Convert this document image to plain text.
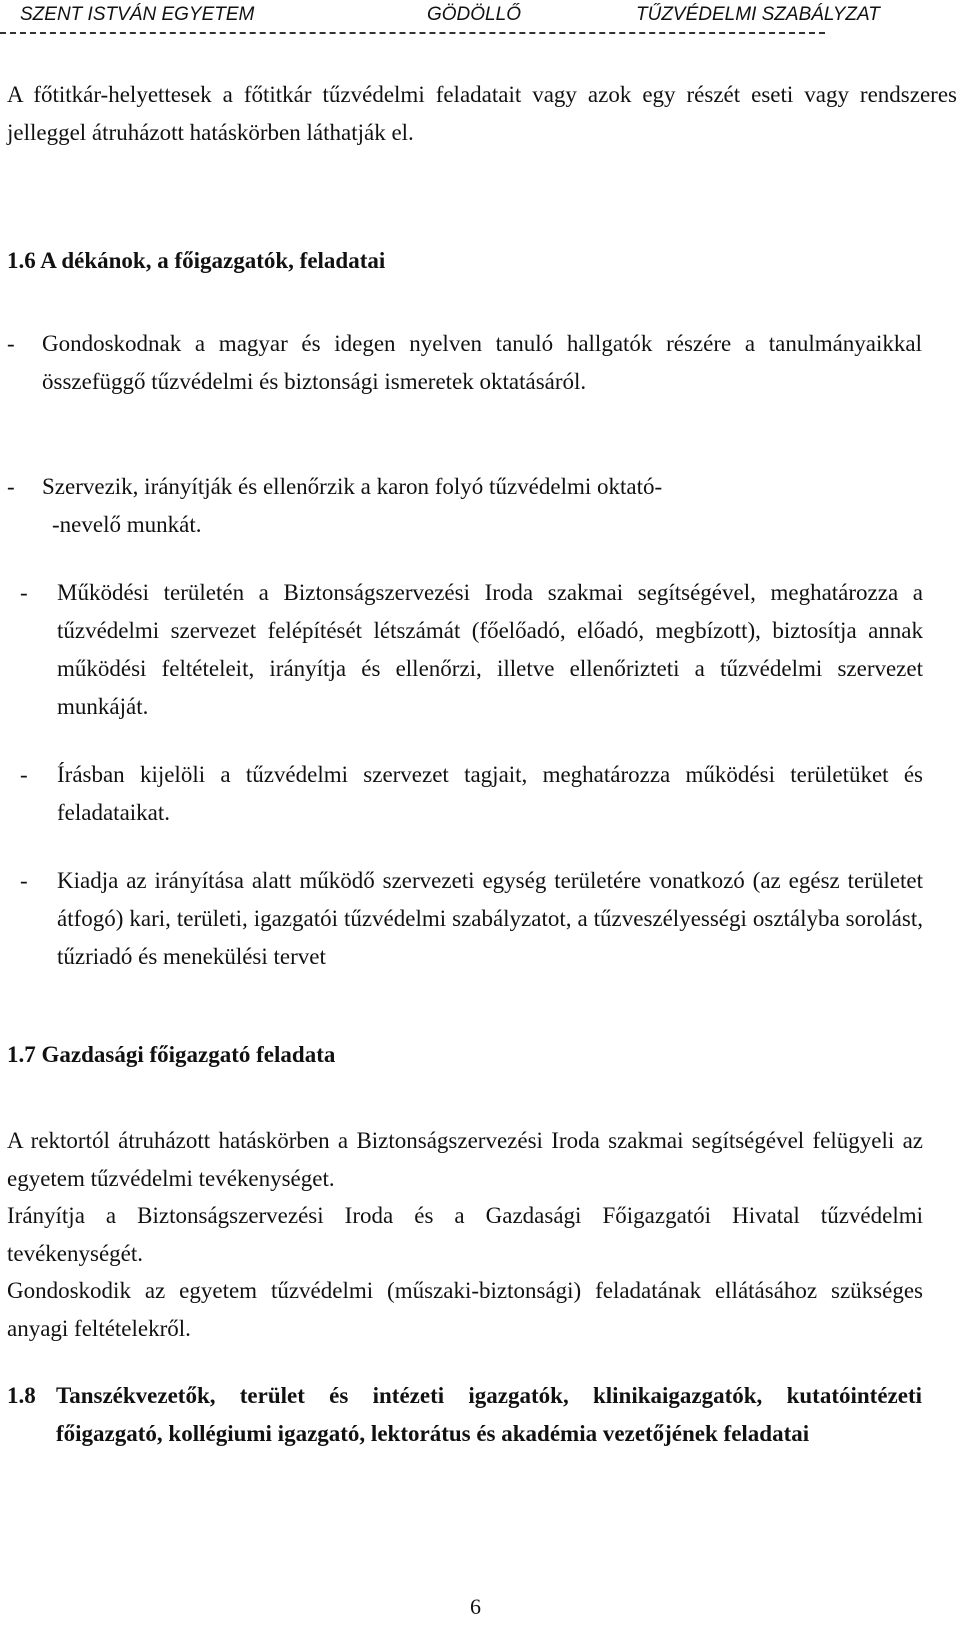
SZENT ISTVÁN EGYETEM	GÖDÖLLŐ	TŰZVÉDELMI SZABÁLYZAT

A főtitkár-helyettesek a főtitkár tűzvédelmi feladatait vagy azok egy részét eseti vagy rendszeres jelleggel átruházott hatáskörben láthatják el.

1.6 A dékánok, a főigazgatók, feladatai

- Gondoskodnak a magyar és idegen nyelven tanuló hallgatók részére a tanulmányaikkal összefüggő tűzvédelmi és biztonsági ismeretek oktatásáról.

- Szervezik, irányítják és ellenőrzik a karon folyó tűzvédelmi oktató-

-nevelő munkát.

- Működési területén a Biztonságszervezési Iroda szakmai segítségével, meghatározza a tűzvédelmi szervezet felépítését létszámát (főelőadó, előadó, megbízott), biztosítja annak működési feltételeit, irányítja és ellenőrzi, illetve ellenőrizteti a tűzvédelmi szervezet munkáját.

- Írásban kijelöli a tűzvédelmi szervezet tagjait, meghatározza működési területüket és feladataikat.

- Kiadja az irányítása alatt működő szervezeti egység területére vonatkozó (az egész területet átfogó) kari, területi, igazgatói tűzvédelmi szabályzatot, a tűzveszélyességi osztályba sorolást, tűzriadó és menekülési tervet

1.7 Gazdasági főigazgató feladata

A rektortól átruházott hatáskörben a Biztonságszervezési Iroda szakmai segítségével felügyeli az egyetem tűzvédelmi tevékenységet.

Irányítja a Biztonságszervezési Iroda és a Gazdasági Főigazgatói Hivatal tűzvédelmi tevékenységét.

Gondoskodik az egyetem tűzvédelmi (műszaki-biztonsági) feladatának ellátásához szükséges anyagi feltételekről.

1.8 Tanszékvezetők, terület és intézeti igazgatók, klinikaigazgatók, kutatóintézeti főigazgató, kollégiumi igazgató, lektorátus és akadémia vezetőjének feladatai

6
